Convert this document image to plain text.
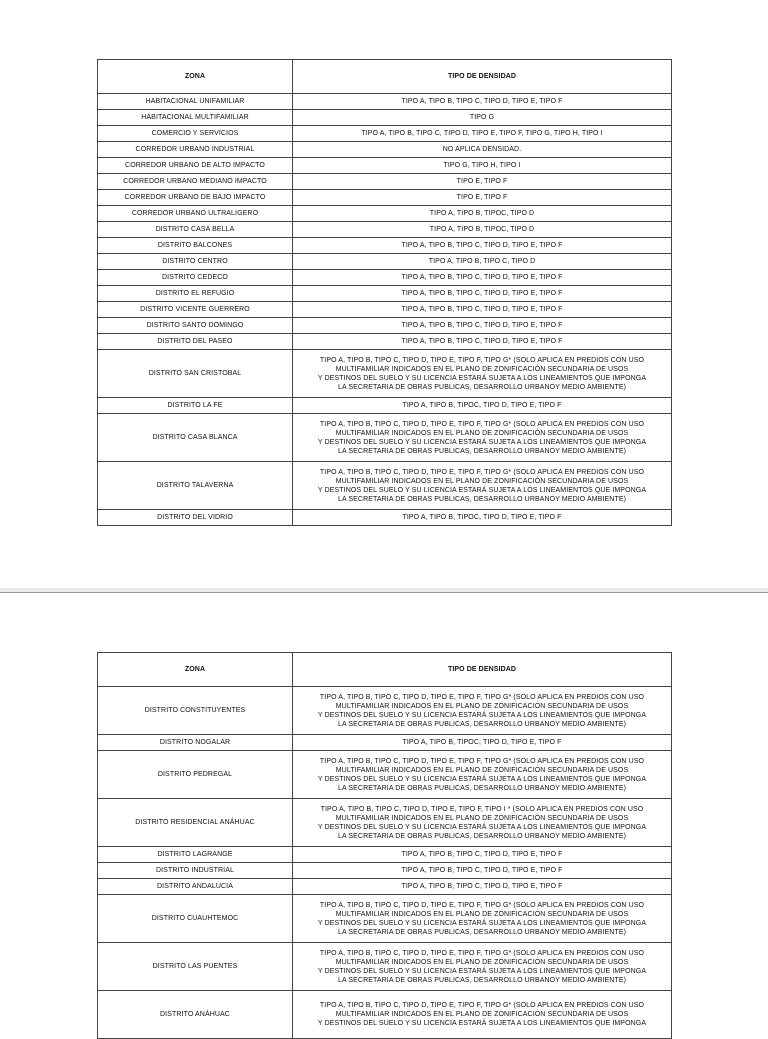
ZONA	TIPO DE DENSIDAD
HABITACIONAL UNIFAMILIAR	TIPO A, TIPO B, TIPO C, TIPO D, TIPO E, TIPO F
HABITACIONAL MULTIFAMILIAR	TIPO G
COMERCIO Y SERVICIOS	TIPO A, TIPO B, TIPO C, TIPO D, TIPO E, TIPO F, TIPO G, TIPO H, TIPO I
CORREDOR URBANO INDUSTRIAL	NO APLICA DENSIDAD.
CORREDOR URBANO DE ALTO IMPACTO	TIPO G, TIPO H, TIPO I
CORREDOR URBANO MEDIANO IMPACTO	TIPO E, TIPO F
CORREDOR URBANO DE BAJO IMPACTO	TIPO E, TIPO F
CORREDOR URBANO ULTRALIGERO	TIPO A, TIPO B, TIPOC, TIPO D
DISTRITO CASA BELLA	TIPO A, TIPO B, TIPOC, TIPO D
DISTRITO BALCONES	TIPO A, TIPO B, TIPO C, TIPO D, TIPO E, TIPO F
DISTRITO CENTRO	TIPO A, TIPO B, TIPO C, TIPO D
DISTRITO CEDECO	TIPO A, TIPO B, TIPO C, TIPO D, TIPO E, TIPO F
DISTRITO EL REFUGIO	TIPO A, TIPO B, TIPO C, TIPO D, TIPO E, TIPO F
DISTRITO VICENTE GUERRERO	TIPO A, TIPO B, TIPO C, TIPO D, TIPO E, TIPO F
DISTRITO SANTO DOMINGO	TIPO A, TIPO B, TIPO C, TIPO D, TIPO E, TIPO F
DISTRITO DEL PASEO	TIPO A, TIPO B, TIPO C, TIPO D, TIPO E, TIPO F
DISTRITO SAN CRISTOBAL	TIPO A, TIPO B, TIPO C, TIPO D, TIPO E, TIPO F, TIPO G* (SOLO APLICA EN PREDIOS CON USO
MULTIFAMILIAR INDICADOS EN EL PLANO DE ZONIFICACIÓN SECUNDARIA DE USOS
Y DESTINOS DEL SUELO Y SU LICENCIA ESTARÁ SUJETA A LOS LINEAMIENTOS QUE IMPONGA
LA SECRETARIA DE OBRAS PUBLICAS, DESARROLLO URBANOY MEDIO AMBIENTE)
DISTRITO LA FE	TIPO A, TIPO B, TIPOC, TIPO D, TIPO E, TIPO F
DISTRITO CASA BLANCA	TIPO A, TIPO B, TIPO C, TIPO D, TIPO E, TIPO F, TIPO G* (SOLO APLICA EN PREDIOS CON USO
MULTIFAMILIAR INDICADOS EN EL PLANO DE ZONIFICACIÓN SECUNDARIA DE USOS
Y DESTINOS DEL SUELO Y SU LICENCIA ESTARÁ SUJETA A LOS LINEAMIENTOS QUE IMPONGA
LA SECRETARIA DE OBRAS PUBLICAS, DESARROLLO URBANOY MEDIO AMBIENTE)
DISTRITO TALAVERNA	TIPO A, TIPO B, TIPO C, TIPO D, TIPO E, TIPO F, TIPO G* (SOLO APLICA EN PREDIOS CON USO
MULTIFAMILIAR INDICADOS EN EL PLANO DE ZONIFICACIÓN SECUNDARIA DE USOS
Y DESTINOS DEL SUELO Y SU LICENCIA ESTARÁ SUJETA A LOS LINEAMIENTOS QUE IMPONGA
LA SECRETARIA DE OBRAS PUBLICAS, DESARROLLO URBANOY MEDIO AMBIENTE)
DISTRITO DEL VIDRIO	TIPO A, TIPO B, TIPOC, TIPO D, TIPO E, TIPO F
ZONA	TIPO DE DENSIDAD
DISTRITO CONSTITUYENTES	TIPO A, TIPO B, TIPO C, TIPO D, TIPO E, TIPO F, TIPO G* (SOLO APLICA EN PREDIOS CON USO
MULTIFAMILIAR INDICADOS EN EL PLANO DE ZONIFICACIÓN SECUNDARIA DE USOS
Y DESTINOS DEL SUELO Y SU LICENCIA ESTARÁ SUJETA A LOS LINEAMIENTOS QUE IMPONGA
LA SECRETARIA DE OBRAS PUBLICAS, DESARROLLO URBANOY MEDIO AMBIENTE)
DISTRITO NOGALAR	TIPO A, TIPO B, TIPOC, TIPO D, TIPO E, TIPO F
DISTRITO PEDREGAL	TIPO A, TIPO B, TIPO C, TIPO D, TIPO E, TIPO F, TIPO G* (SOLO APLICA EN PREDIOS CON USO
MULTIFAMILIAR INDICADOS EN EL PLANO DE ZONIFICACIÓN SECUNDARIA DE USOS
Y DESTINOS DEL SUELO Y SU LICENCIA ESTARÁ SUJETA A LOS LINEAMIENTOS QUE IMPONGA
LA SECRETARIA DE OBRAS PUBLICAS, DESARROLLO URBANOY MEDIO AMBIENTE)
DISTRITO RESIDENCIAL ANÁHUAC	TIPO A, TIPO B, TIPO C, TIPO D, TIPO E, TIPO F, TIPO I * (SOLO APLICA EN PREDIOS CON USO
MULTIFAMILIAR INDICADOS EN EL PLANO DE ZONIFICACIÓN SECUNDARIA DE USOS
Y DESTINOS DEL SUELO Y SU LICENCIA ESTARÁ SUJETA A LOS LINEAMIENTOS QUE IMPONGA
LA SECRETARIA DE OBRAS PUBLICAS, DESARROLLO URBANOY MEDIO AMBIENTE)
DISTRITO LAGRANGE	TIPO A, TIPO B, TIPO C, TIPO D, TIPO E, TIPO F
DISTRITO INDUSTRIAL	TIPO A, TIPO B, TIPO C, TIPO D, TIPO E, TIPO F
DISTRITO ANDALUCIA	TIPO A, TIPO B, TIPO C, TIPO D, TIPO E, TIPO F
DISTRITO CUAUHTEMOC	TIPO A, TIPO B, TIPO C, TIPO D, TIPO E, TIPO F, TIPO G* (SOLO APLICA EN PREDIOS CON USO
MULTIFAMILIAR INDICADOS EN EL PLANO DE ZONIFICACIÓN SECUNDARIA DE USOS
Y DESTINOS DEL SUELO Y SU LICENCIA ESTARÁ SUJETA A LOS LINEAMIENTOS QUE IMPONGA
LA SECRETARIA DE OBRAS PUBLICAS, DESARROLLO URBANOY MEDIO AMBIENTE)
DISTRITO LAS PUENTES	TIPO A, TIPO B, TIPO C, TIPO D, TIPO E, TIPO F, TIPO G* (SOLO APLICA EN PREDIOS CON USO
MULTIFAMILIAR INDICADOS EN EL PLANO DE ZONIFICACIÓN SECUNDARIA DE USOS
Y DESTINOS DEL SUELO Y SU LICENCIA ESTARÁ SUJETA A LOS LINEAMIENTOS QUE IMPONGA
LA SECRETARIA DE OBRAS PUBLICAS, DESARROLLO URBANOY MEDIO AMBIENTE)
DISTRITO ANÁHUAC	TIPO A, TIPO B, TIPO C, TIPO D, TIPO E, TIPO F, TIPO G* (SOLO APLICA EN PREDIOS CON USO
MULTIFAMILIAR INDICADOS EN EL PLANO DE ZONIFICACIÓN SECUNDARIA DE USOS
Y DESTINOS DEL SUELO Y SU LICENCIA ESTARÁ SUJETA A LOS LINEAMIENTOS QUE IMPONGA
